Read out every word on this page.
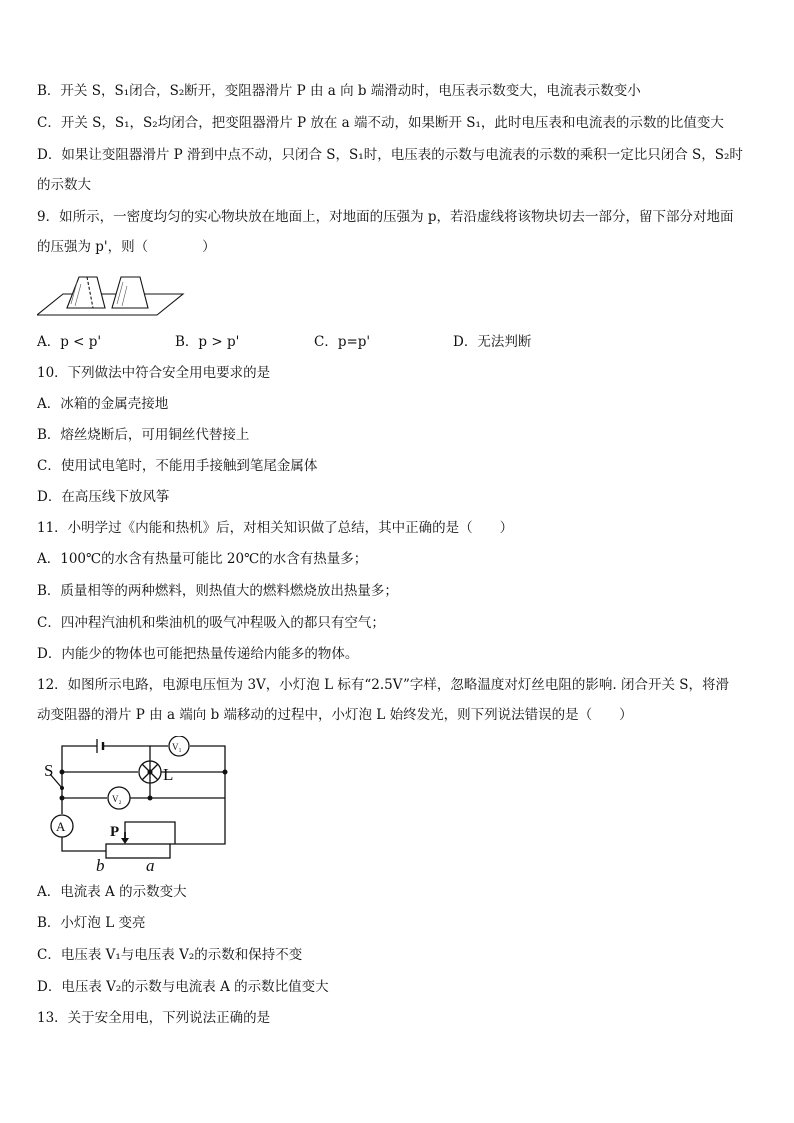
B．开关 S，S₁闭合，S₂断开，变阻器滑片 P 由 a 向 b 端滑动时，电压表示数变大，电流表示数变小
C．开关 S，S₁，S₂均闭合，把变阻器滑片 P 放在 a 端不动，如果断开 S₁，此时电压表和电流表的示数的比值变大
D．如果让变阻器滑片 P 滑到中点不动，只闭合 S，S₁时，电压表的示数与电流表的示数的乘积一定比只闭合 S，S₂时
的示数大
9．如所示，一密度均匀的实心物块放在地面上，对地面的压强为 p，若沿虚线将该物块切去一部分，留下部分对地面
的压强为 p'，则（　　　　）
A．p < p'	B．p > p'	C．p=p'	D．无法判断
10．下列做法中符合安全用电要求的是
A．冰箱的金属壳接地
B．熔丝烧断后，可用铜丝代替接上
C．使用试电笔时，不能用手接触到笔尾金属体
D．在高压线下放风筝
11．小明学过《内能和热机》后，对相关知识做了总结，其中正确的是（　　）
A．100℃的水含有热量可能比 20℃的水含有热量多；
B．质量相等的两种燃料，则热值大的燃料燃烧放出热量多；
C．四冲程汽油机和柴油机的吸气冲程吸入的都只有空气；
D．内能少的物体也可能把热量传递给内能多的物体。
12．如图所示电路，电源电压恒为 3V，小灯泡 L 标有“2.5V”字样，忽略温度对灯丝电阻的影响. 闭合开关 S，将滑
动变阻器的滑片 P 由 a 端向 b 端移动的过程中，小灯泡 L 始终发光，则下列说法错误的是（　　）
S	L
V₁
V₂
A	P
b a
A．电流表 A 的示数变大
B．小灯泡 L 变亮
C．电压表 V₁与电压表 V₂的示数和保持不变
D．电压表 V₂的示数与电流表 A 的示数比值变大
13．关于安全用电，下列说法正确的是
